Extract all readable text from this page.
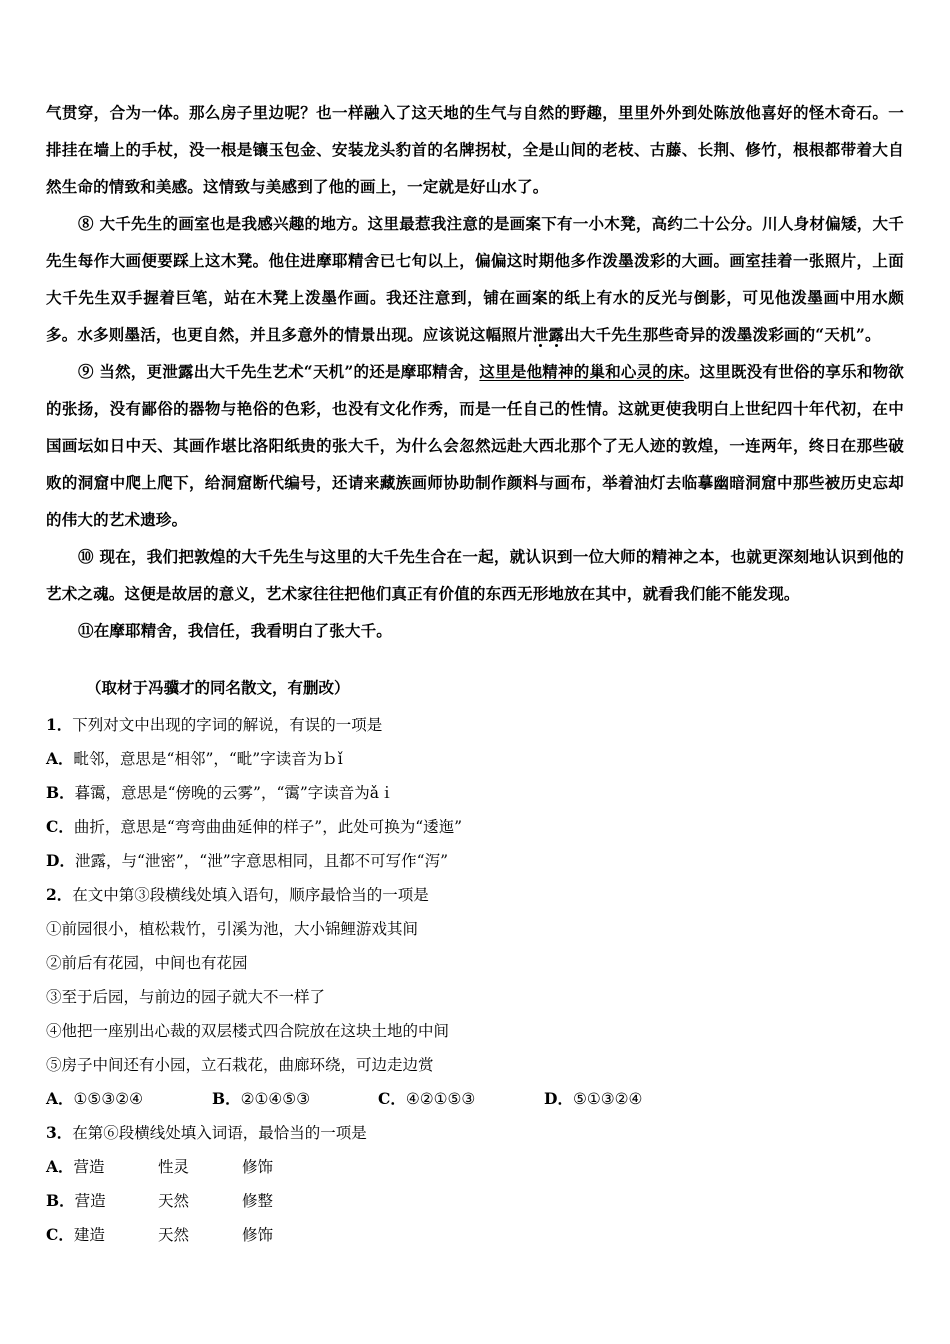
气贯穿，合为一体。那么房子里边呢？也一样融入了这天地的生气与自然的野趣，里里外外到处陈放他喜好的怪木奇石。一排挂在墙上的手杖，没一根是镶玉包金、安装龙头豹首的名牌拐杖，全是山间的老枝、古藤、长荆、修竹，根根都带着大自然生命的情致和美感。这情致与美感到了他的画上，一定就是好山水了。

⑧ 大千先生的画室也是我感兴趣的地方。这里最惹我注意的是画案下有一小木凳，高约二十公分。川人身材偏矮，大千先生每作大画便要踩上这木凳。他住进摩耶精舍已七旬以上，偏偏这时期他多作泼墨泼彩的大画。画室挂着一张照片，上面大千先生双手握着巨笔，站在木凳上泼墨作画。我还注意到，铺在画案的纸上有水的反光与倒影，可见他泼墨画中用水颇多。水多则墨活，也更自然，并且多意外的情景出现。应该说这幅照片泄露出大千先生那些奇异的泼墨泼彩画的“天机”。

⑨ 当然，更泄露出大千先生艺术“天机”的还是摩耶精舍，这里是他精神的巢和心灵的床。这里既没有世俗的享乐和物欲的张扬，没有鄙俗的器物与艳俗的色彩，也没有文化作秀，而是一任自己的性情。这就更使我明白上世纪四十年代初，在中国画坛如日中天、其画作堪比洛阳纸贵的张大千，为什么会忽然远赴大西北那个了无人迹的敦煌，一连两年，终日在那些破败的洞窟中爬上爬下，给洞窟断代编号，还请来藏族画师协助制作颜料与画布，举着油灯去临摹幽暗洞窟中那些被历史忘却的伟大的艺术遗珍。

⑩ 现在，我们把敦煌的大千先生与这里的大千先生合在一起，就认识到一位大师的精神之本，也就更深刻地认识到他的艺术之魂。这便是故居的意义，艺术家往往把他们真正有价值的东西无形地放在其中，就看我们能不能发现。

⑪在摩耶精舍，我信任，我看明白了张大千。

（取材于冯骥才的同名散文，有删改）

1．下列对文中出现的字词的解说，有误的一项是

A．毗邻，意思是“相邻”，“毗”字读音为ｂǐ

B．暮霭，意思是“傍晚的云雾”，“霭”字读音为ǎｉ

C．曲折，意思是“弯弯曲曲延伸的样子”，此处可换为“逶迤”

D．泄露，与“泄密”，“泄”字意思相同，且都不可写作“泻”

2．在文中第③段横线处填入语句，顺序最恰当的一项是

①前园很小，植松栽竹，引溪为池，大小锦鲤游戏其间

②前后有花园，中间也有花园

③至于后园，与前边的园子就大不一样了

④他把一座别出心裁的双层楼式四合院放在这块土地的中间

⑤房子中间还有小园，立石栽花，曲廊环绕，可边走边赏

A．①⑤③②④	B．②①④⑤③	C．④②①⑤③	D．⑤①③②④

3．在第⑥段横线处填入词语，最恰当的一项是

A．营造	性灵	修饰

B．营造	天然	修整

C．建造	天然	修饰
